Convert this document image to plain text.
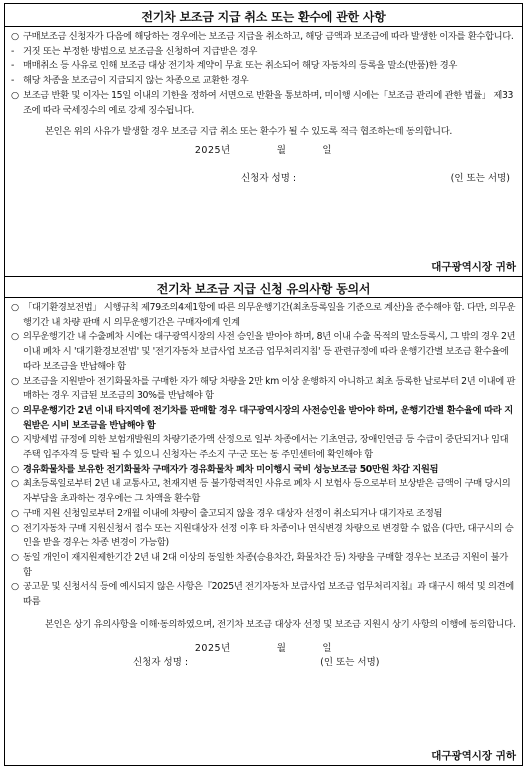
전기차 보조금 지급 취소 또는 환수에 관한 사항
○ 구매보조금 신청자가 다음에 해당하는 경우에는 보조금 지급을 취소하고, 해당 금액과 보조금에 따라 발생한 이자를 환수합니다.
- 거짓 또는 부정한 방법으로 보조금을 신청하여 지급받은 경우
- 매매취소 등 사유로 인해 보조금 대상 전기차 계약이 무효 또는 취소되어 해당 자동차의 등록을 말소(반품)한 경우
- 해당 차종을 보조금이 지급되지 않는 차종으로 교환한 경우
○ 보조금 반환 및 이자는 15일 이내의 기한을 정하여 서면으로 반환을 통보하며, 미이행 시에는「보조금 관리에 관한 법률」 제33조에 따라 국세징수의 예로 강제 징수됩니다.
본인은 위의 사유가 발생할 경우 보조금 지급 취소 또는 환수가 될 수 있도록 적극 협조하는데 동의합니다.
2025년	월	일
신청자 성명 :	(인 또는 서명)
대구광역시장 귀하
전기차 보조금 지급 신청 유의사항 동의서
○ 「대기환경보전법」 시행규칙 제79조의4제1항에 따른 의무운행기간(최초등록일을 기준으로 계산)을 준수해야 함. 다만, 의무운행기간 내 차량 판매 시 의무운행기간은 구매자에게 인계
○ 의무운행기간 내 수출폐차 시에는 대구광역시장의 사전 승인을 받아야 하며, 8년 이내 수출 목적의 말소등록시, 그 밖의 경우 2년 이내 폐차 시 '대기환경보전법' 및 '전기자동차 보급사업 보조금 업무처리지침' 등 관련규정에 따라 운행기간별 보조금 환수율에 따라 보조금을 반납해야 함
○ 보조금을 지원받아 전기화물차를 구매한 자가 해당 차량을 2만 km 이상 운행하지 아니하고 최초 등록한 날로부터 2년 이내에 판매하는 경우 지급된 보조금의 30%를 반납해야 함
○ 의무운행기간 2년 이내 타지역에 전기차를 판매할 경우 대구광역시장의 사전승인을 받아야 하며, 운행기간별 환수율에 따라 지원받은 시비 보조금을 반납해야 함
○ 지방세법 규정에 의한 보험개발원의 차량기준가액 산정으로 일부 차종에서는 기초연금, 장애인연금 등 수급이 중단되거나 임대주택 입주자격 등 탈락 될 수 있으니 신청자는 주소지 구·군 또는 동 주민센터에 확인해야 함
○ 경유화물차를 보유한 전기화물차 구매자가 경유화물차 폐차 미이행시 국비 성능보조금 50만원 차감 지원됨
○ 최초등록일로부터 2년 내 교통사고, 천재지변 등 불가항력적인 사유로 폐차 시 보험사 등으로부터 보상받은 금액이 구매 당시의 자부담을 초과하는 경우에는 그 차액을 환수함
○ 구매 지원 신청일로부터 2개월 이내에 차량이 출고되지 않을 경우 대상자 선정이 취소되거나 대기자로 조정됨
○ 전기자동차 구매 지원신청서 접수 또는 지원대상자 선정 이후 타 차종이나 연식변경 차량으로 변경할 수 없음 (다만, 대구시의 승인을 받을 경우는 차종 변경이 가능함)
○ 동일 개인이 재지원제한기간 2년 내 2대 이상의 동일한 차종(승용차간, 화물차간 등) 차량을 구매할 경우는 보조금 지원이 불가함
○ 공고문 및 신청서식 등에 예시되지 않은 사항은『2025년 전기자동차 보급사업 보조금 업무처리지침』과 대구시 해석 및 의견에 따름
본인은 상기 유의사항을 이해·동의하였으며, 전기차 보조금 대상자 선정 및 보조금 지원시 상기 사항의 이행에 동의합니다.
2025년	월	일
신청자 성명 :	(인 또는 서명)
대구광역시장 귀하
